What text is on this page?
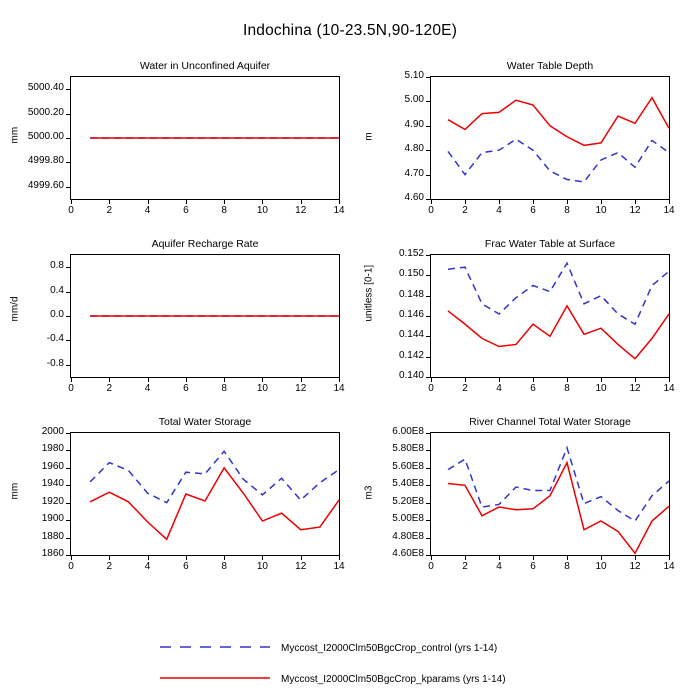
Indochina (10-23.5N,90-120E)
Water in Unconfined Aquifer
4999.60
4999.80
5000.00
5000.20
5000.40
0	2	4	6	8	10	12	14
mm
Water Table Depth
4.60
4.70
4.80
4.90
5.00
5.10
0	2	4	6	8	10	12	14
m
Aquifer Recharge Rate
-0.8
-0.4
0.0
0.4
0.8
0	2	4	6	8	10	12	14
mm/d
Frac Water Table at Surface
0.140
0.142
0.144
0.146
0.148
0.150
0.152
0	2	4	6	8	10	12	14
unitless [0-1]
Total Water Storage
1860
1880
1900
1920
1940
1960
1980
2000
0	2	4	6	8	10	12	14
mm
River Channel Total Water Storage
4.60E8
4.80E8
5.00E8
5.20E8
5.40E8
5.60E8
5.80E8
6.00E8
0	2	4	6	8	10	12	14
m3
Myccost_I2000Clm50BgcCrop_control (yrs 1-14)
Myccost_I2000Clm50BgcCrop_kparams (yrs 1-14)
